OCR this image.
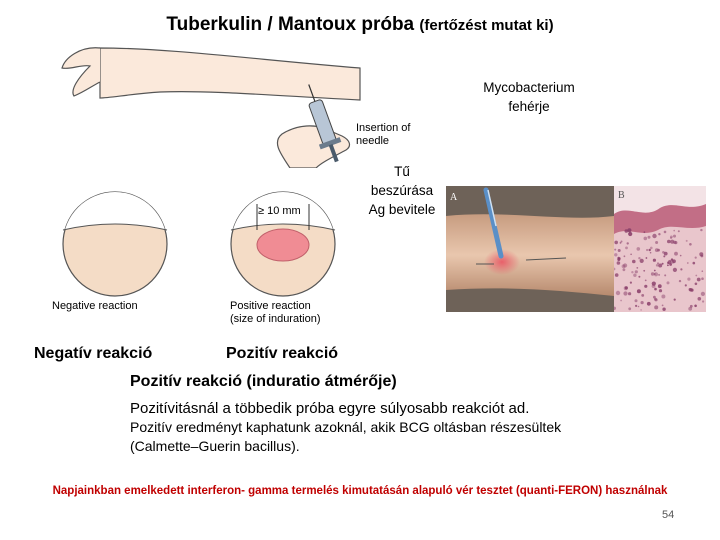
Tuberkulin / Mantoux próba (fertőzést mutat ki)
Insertion of
needle
Mycobacterium
fehérje
Tű
beszúrása
Ag bevitele
Negative reaction
≥ 10 mm
Positive reaction
(size of induration)
A	B
Negatív reakció	Pozitív reakció
Pozitív reakció (induratio átmérője)
Pozitívitásnál a többedik próba egyre súlyosabb reakciót ad.
Pozitív eredményt kaphatunk azoknál, akik BCG oltásban részesültek
(Calmette–Guerin bacillus).
Napjainkban emelkedett interferon- gamma termelés kimutatásán alapuló vér tesztet (quanti-FERON) használnak
54
